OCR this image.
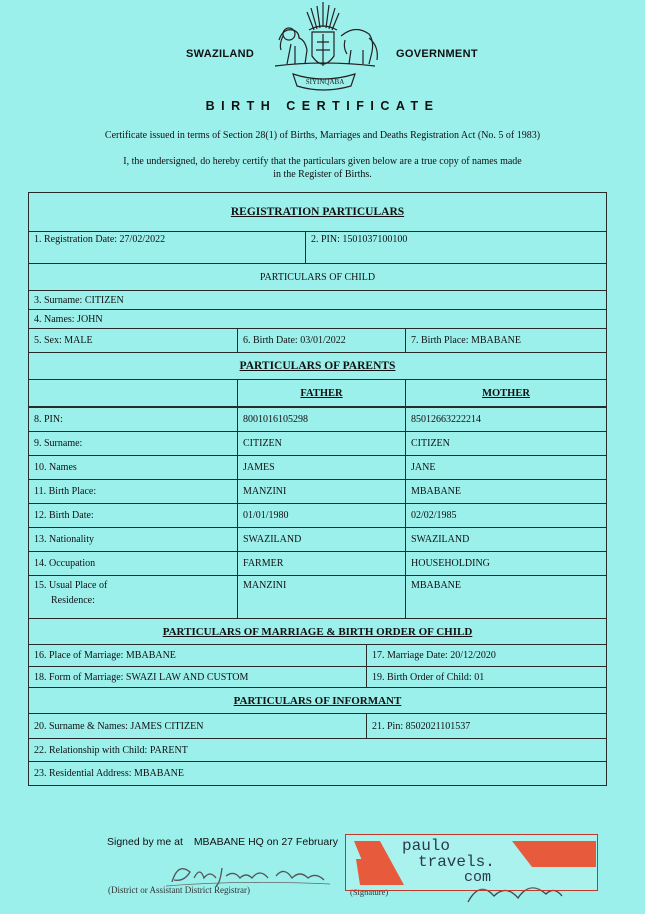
SWAZILAND	GOVERNMENT
SIYINQABA
BIRTH CERTIFICATE
Certificate issued in terms of Section 28(1) of Births, Marriages and Deaths Registration Act (No. 5 of 1983)
I, the undersigned, do hereby certify that the particulars given below are a true copy of names made
in the Register of Births.
REGISTRATION PARTICULARS
1. Registration Date: 27/02/2022	2. PIN: 1501037100100
PARTICULARS OF CHILD
3. Surname: CITIZEN
4. Names: JOHN
5. Sex: MALE	6. Birth Date: 03/01/2022	7. Birth Place: MBABANE
PARTICULARS OF PARENTS
FATHER	MOTHER
8. PIN:	8001016105298	85012663222214
9. Surname:	CITIZEN	CITIZEN
10. Names	JAMES	JANE
11. Birth Place:	MANZINI	MBABANE
12. Birth Date:	01/01/1980	02/02/1985
13. Nationality	SWAZILAND	SWAZILAND
14. Occupation	FARMER	HOUSEHOLDING
15. Usual Place of
Residence:
MANZINI	MBABANE
PARTICULARS OF MARRIAGE & BIRTH ORDER OF CHILD
16. Place of Marriage: MBABANE	17. Marriage Date: 20/12/2020
18. Form of Marriage: SWAZI LAW AND CUSTOM	19. Birth Order of Child: 01
PARTICULARS OF INFORMANT
20. Surname & Names: JAMES CITIZEN	21. Pin: 8502021101537
22. Relationship with Child: PARENT
23. Residential Address: MBABANE
Signed by me at MBABANE HQ on 27 February
(District or Assistant District Registrar)	(Signature)
paulo
travels.
com
